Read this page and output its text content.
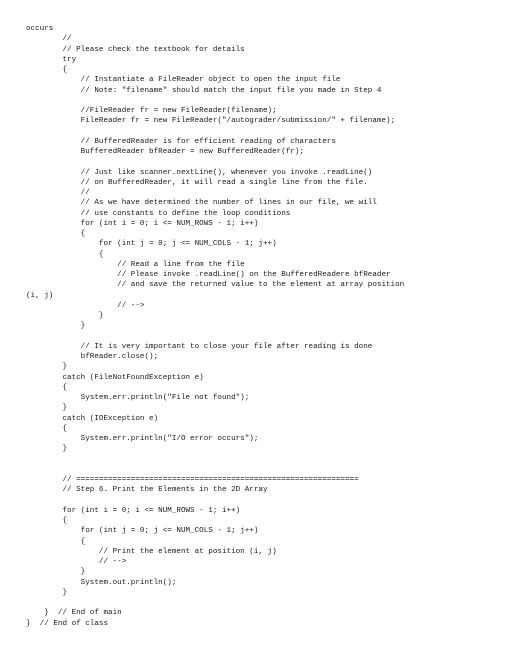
occurs
//
// Please check the textbook for details
try
{
// Instantiate a FileReader object to open the input file
// Note: "filename" should match the input file you made in Step 4
//FileReader fr = new FileReader(filename);
FileReader fr = new FileReader("/autograder/submission/" + filename);
// BufferedReader is for efficient reading of characters
BufferedReader bfReader = new BufferedReader(fr);
// Just like scanner.nextLine(), whenever you invoke .readLine()
// on BufferedReader, it will read a single line from the file.
//
// As we have determined the number of lines in our file, we will
// use constants to define the loop conditions
for (int i = 0; i <= NUM_ROWS - 1; i++)
{
for (int j = 0; j <= NUM_COLS - 1; j++)
{
// Read a line from the file
// Please invoke .readLine() on the BufferedReadere bfReader
// and save the returned value to the element at array position
(i, j)
// -->
}
}
// It is very important to close your file after reading is done
bfReader.close();
}
catch (FileNotFoundException e)
{
System.err.println("File not found");
}
catch (IOException e)
{
System.err.println("I/O error occurs");
}
// ==============================================================
// Step 6. Print the Elements in the 2D Array
for (int i = 0; i <= NUM_ROWS - 1; i++)
{
for (int j = 0; j <= NUM_COLS - 1; j++)
{
// Print the element at position (i, j)
// -->
}
System.out.println();
}
}  // End of main
}  // End of class
